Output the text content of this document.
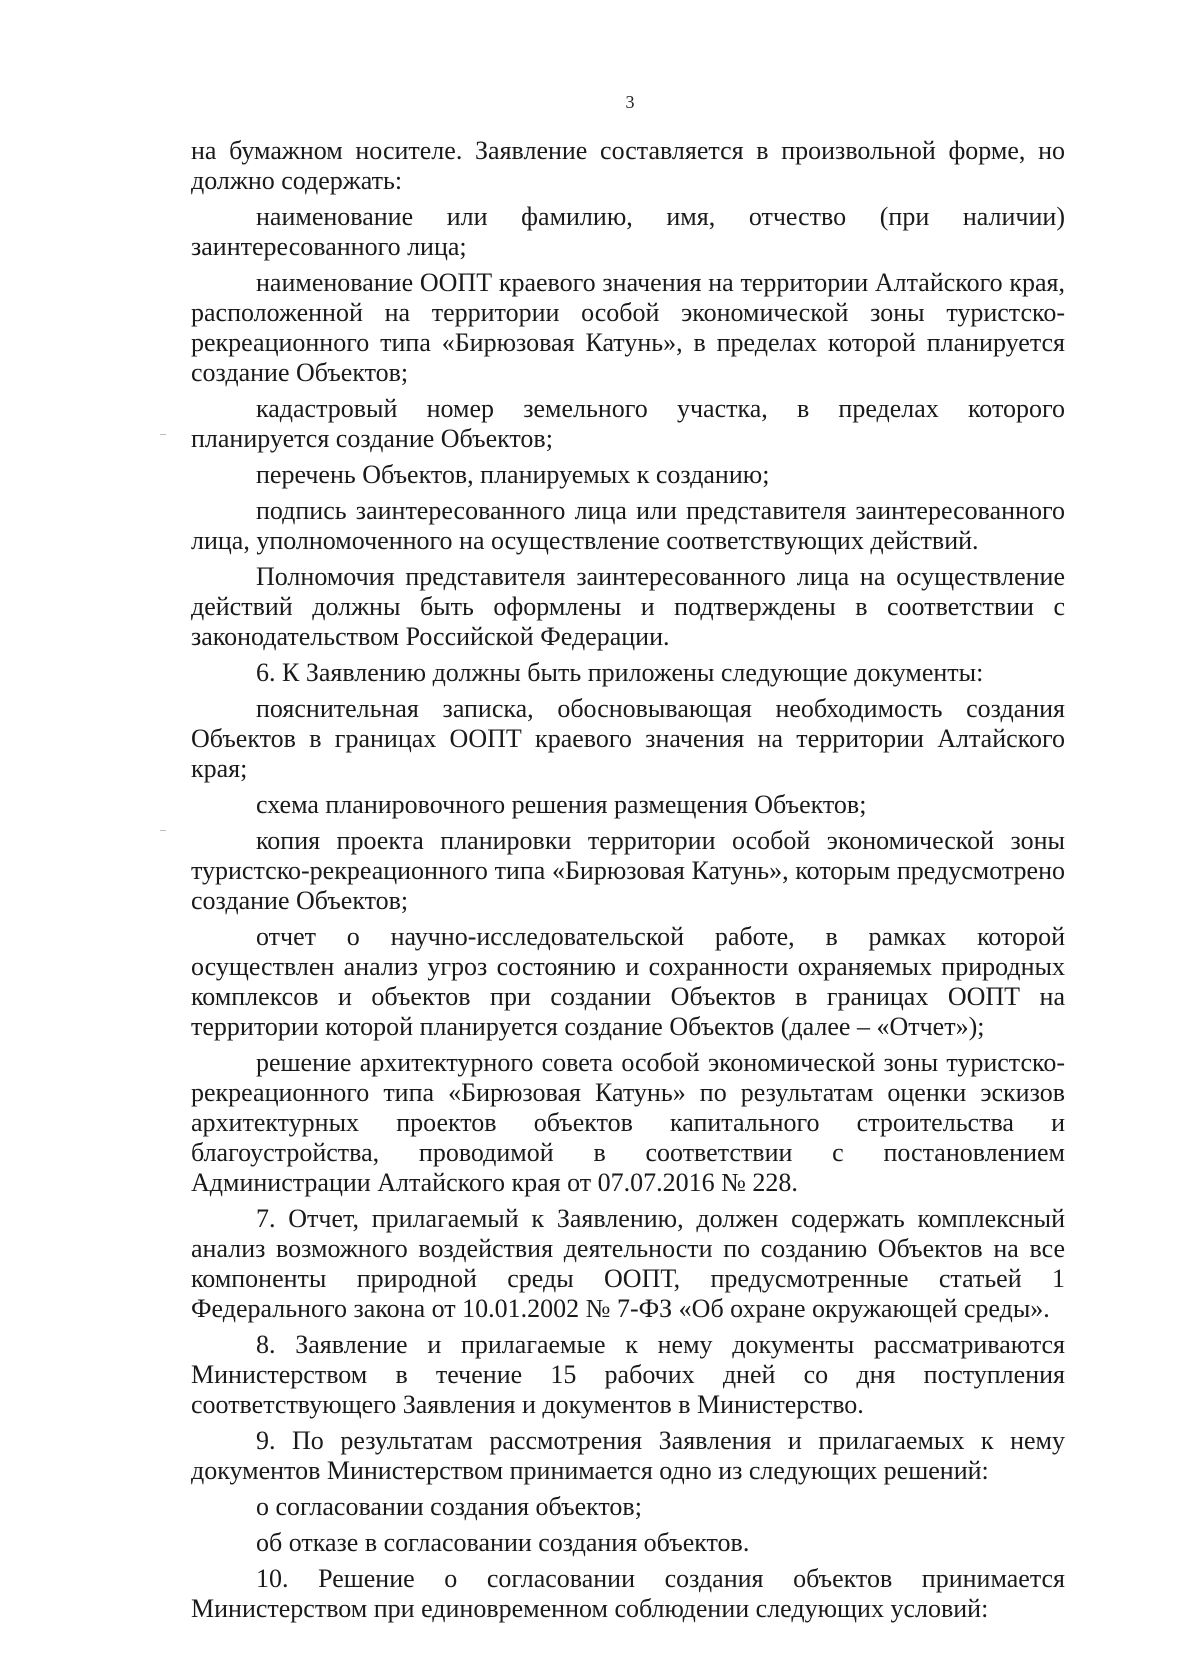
3

на бумажном носителе. Заявление составляется в произвольной форме, но должно содержать:

наименование или фамилию, имя, отчество (при наличии) заинтересованного лица;

наименование ООПТ краевого значения на территории Алтайского края, расположенной на территории особой экономической зоны туристско-рекреационного типа «Бирюзовая Катунь», в пределах которой планируется создание Объектов;

кадастровый номер земельного участка, в пределах которого планируется создание Объектов;

перечень Объектов, планируемых к созданию;

подпись заинтересованного лица или представителя заинтересованного лица, уполномоченного на осуществление соответствующих действий.

Полномочия представителя заинтересованного лица на осуществление действий должны быть оформлены и подтверждены в соответствии с законодательством Российской Федерации.

6. К Заявлению должны быть приложены следующие документы:

пояснительная записка, обосновывающая необходимость создания Объектов в границах ООПТ краевого значения на территории Алтайского края;

схема планировочного решения размещения Объектов;

копия проекта планировки территории особой экономической зоны туристско-рекреационного типа «Бирюзовая Катунь», которым предусмотрено создание Объектов;

отчет о научно-исследовательской работе, в рамках которой осуществлен анализ угроз состоянию и сохранности охраняемых природных комплексов и объектов при создании Объектов в границах ООПТ на территории которой планируется создание Объектов (далее – «Отчет»);

решение архитектурного совета особой экономической зоны туристско-рекреационного типа «Бирюзовая Катунь» по результатам оценки эскизов архитектурных проектов объектов капитального строительства и благоустройства, проводимой в соответствии с постановлением Администрации Алтайского края от 07.07.2016 № 228.

7. Отчет, прилагаемый к Заявлению, должен содержать комплексный анализ возможного воздействия деятельности по созданию Объектов на все компоненты природной среды ООПТ, предусмотренные статьей 1 Федерального закона от 10.01.2002 № 7-ФЗ «Об охране окружающей среды».

8. Заявление и прилагаемые к нему документы рассматриваются Министерством в течение 15 рабочих дней со дня поступления соответствующего Заявления и документов в Министерство.

9. По результатам рассмотрения Заявления и прилагаемых к нему документов Министерством принимается одно из следующих решений:

о согласовании создания объектов;

об отказе в согласовании создания объектов.

10. Решение о согласовании создания объектов принимается Министерством при единовременном соблюдении следующих условий:
